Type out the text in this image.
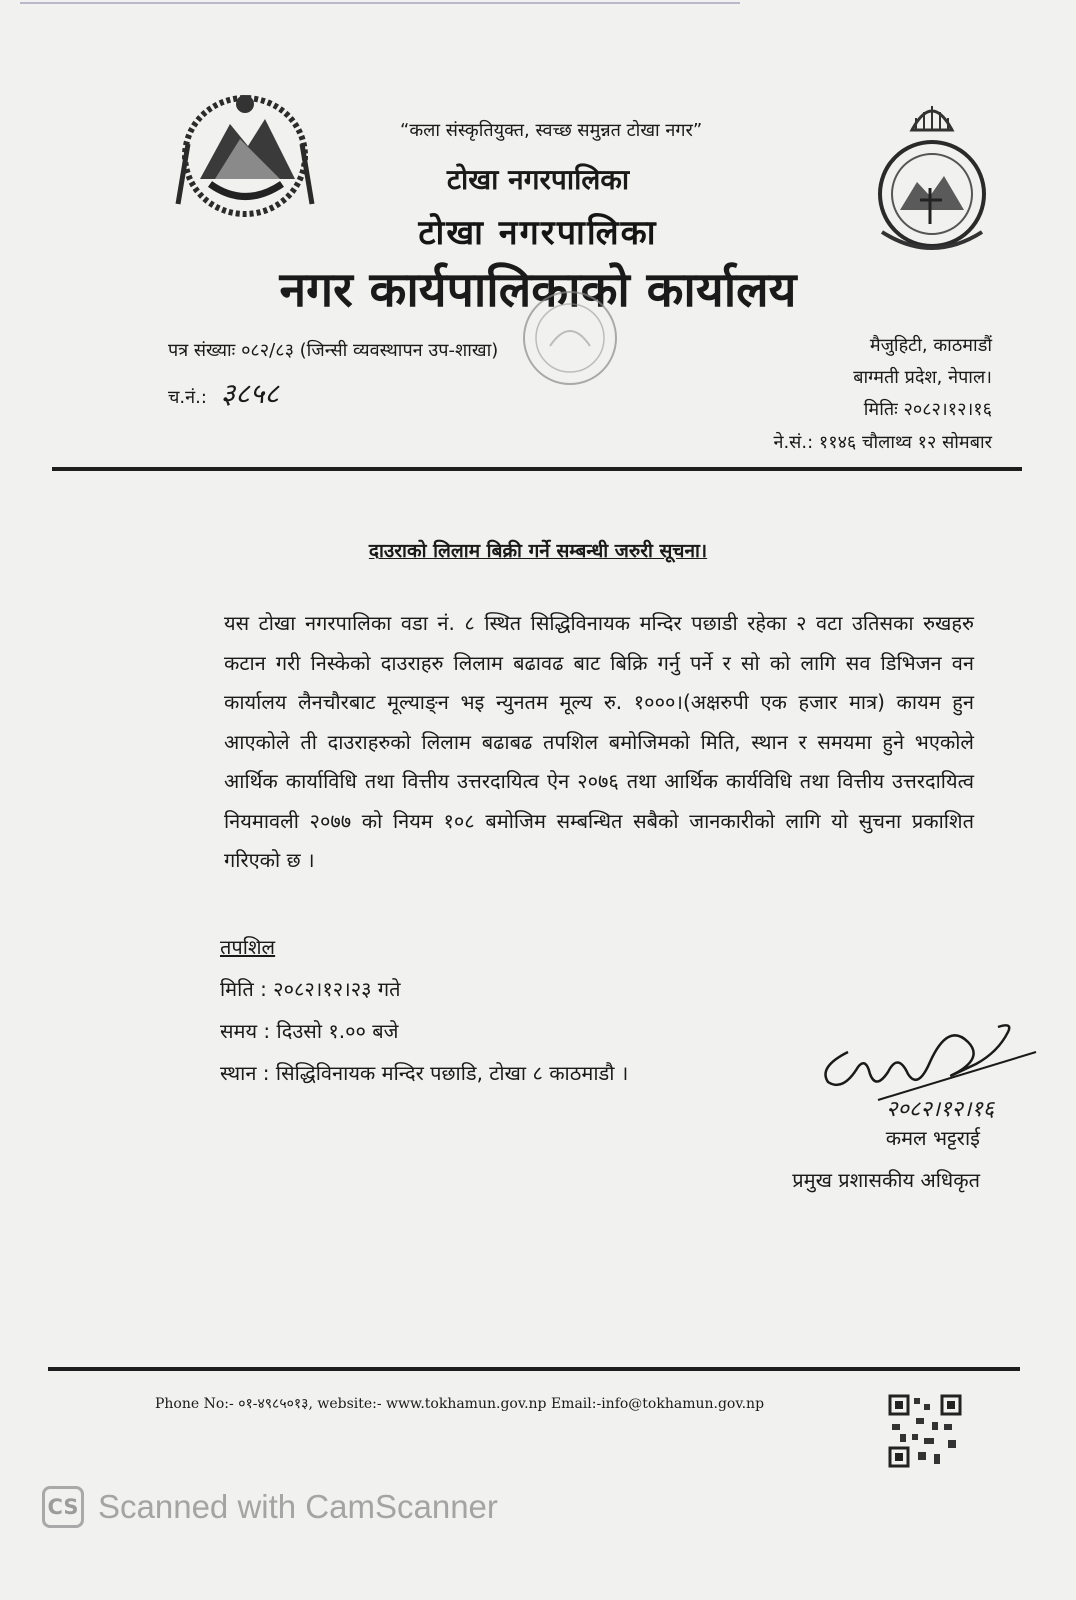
“कला संस्कृतियुक्त, स्वच्छ समुन्नत टोखा नगर”
टोखा नगरपालिका
टोखा नगरपालिका
नगर कार्यपालिकाको कार्यालय
पत्र संख्याः ०८२/८३ (जिन्सी व्यवस्थापन उप-शाखा)
च.नं.: ३८५८
मैजुहिटी, काठमाडौं
बाग्मती प्रदेश, नेपाल।
मितिः २०८२।१२।१६
ने.सं.: ११४६ चौलाथ्व १२ सोमबार
दाउराको लिलाम बिक्री गर्ने सम्बन्धी जरुरी सूचना।
यस टोखा नगरपालिका वडा नं. ८ स्थित सिद्धिविनायक मन्दिर पछाडी रहेका २ वटा उतिसका रुखहरु कटान गरी निस्केको दाउराहरु लिलाम बढावढ बाट बिक्रि गर्नु पर्ने र सो को लागि सव डिभिजन वन कार्यालय लैनचौरबाट मूल्याङ्न भइ न्युनतम मूल्य रु. १०००।(अक्षरुपी एक हजार मात्र) कायम हुन आएकोले ती दाउराहरुको लिलाम बढाबढ तपशिल बमोजिमको मिति, स्थान र समयमा हुने भएकोले आर्थिक कार्याविधि तथा वित्तीय उत्तरदायित्व ऐन २०७६ तथा आर्थिक कार्यविधि तथा वित्तीय उत्तरदायित्व नियमावली २०७७ को नियम १०८ बमोजिम सम्बन्धित सबैको जानकारीको लागि यो सुचना प्रकाशित गरिएको छ ।
तपशिल
मिति : २०८२।१२।२३ गते
समय : दिउसो १.०० बजे
स्थान : सिद्धिविनायक मन्दिर पछाडि, टोखा ८ काठमाडौ ।
२०८२।१२।१६
कमल भट्टराई
प्रमुख प्रशासकीय अधिकृत
Phone No:- ०१-४९८५०१३, website:- www.tokhamun.gov.np Email:-info@tokhamun.gov.np
CS Scanned with CamScanner
